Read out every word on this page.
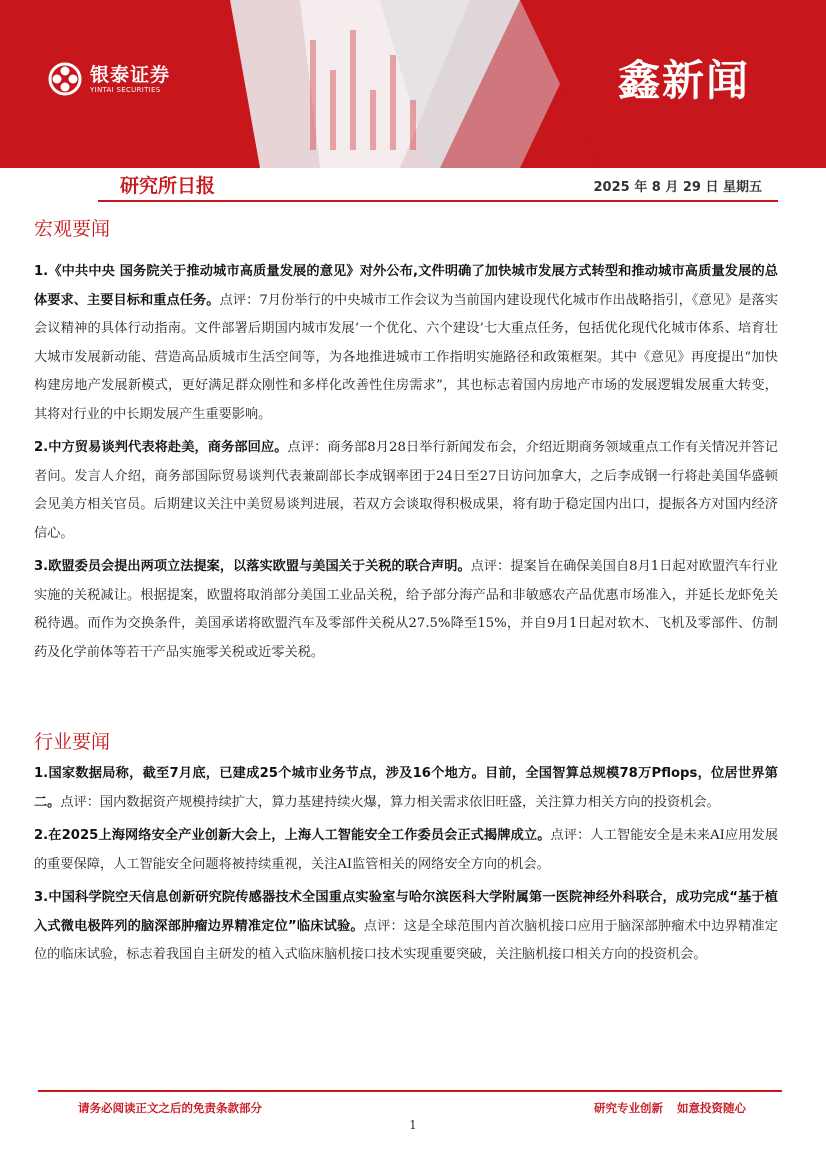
银泰证券
YINTAI SECURITIES	鑫新闻
研究所日报	2025 年 8 月 29 日 星期五
宏观要闻

1.《中共中央 国务院关于推动城市高质量发展的意见》对外公布,文件明确了加快城市发展方式转型和推动城市高质量发展的总体要求、主要目标和重点任务。点评：7月份举行的中央城市工作会议为当前国内建设现代化城市作出战略指引，《意见》是落实会议精神的具体行动指南。文件部署后期国内城市发展‘一个优化、六个建设’七大重点任务，包括优化现代化城市体系、培育壮大城市发展新动能、营造高品质城市生活空间等，为各地推进城市工作指明实施路径和政策框架。其中《意见》再度提出“加快构建房地产发展新模式，更好满足群众刚性和多样化改善性住房需求”，其也标志着国内房地产市场的发展逻辑发展重大转变，其将对行业的中长期发展产生重要影响。

2.中方贸易谈判代表将赴美，商务部回应。点评：商务部8月28日举行新闻发布会，介绍近期商务领域重点工作有关情况并答记者问。发言人介绍，商务部国际贸易谈判代表兼副部长李成钢率团于24日至27日访问加拿大，之后李成钢一行将赴美国华盛顿会见美方相关官员。后期建议关注中美贸易谈判进展，若双方会谈取得积极成果，将有助于稳定国内出口，提振各方对国内经济信心。

3.欧盟委员会提出两项立法提案，以落实欧盟与美国关于关税的联合声明。点评：提案旨在确保美国自8月1日起对欧盟汽车行业实施的关税减让。根据提案，欧盟将取消部分美国工业品关税，给予部分海产品和非敏感农产品优惠市场准入，并延长龙虾免关税待遇。而作为交换条件，美国承诺将欧盟汽车及零部件关税从27.5%降至15%，并自9月1日起对软木、飞机及零部件、仿制药及化学前体等若干产品实施零关税或近零关税。

行业要闻

1.国家数据局称，截至7月底，已建成25个城市业务节点，涉及16个地方。目前，全国智算总规模78万Pflops，位居世界第二。点评：国内数据资产规模持续扩大，算力基建持续火爆，算力相关需求依旧旺盛，关注算力相关方向的投资机会。

2.在2025上海网络安全产业创新大会上，上海人工智能安全工作委员会正式揭牌成立。点评：人工智能安全是未来AI应用发展的重要保障，人工智能安全问题将被持续重视，关注AI监管相关的网络安全方向的机会。

3.中国科学院空天信息创新研究院传感器技术全国重点实验室与哈尔滨医科大学附属第一医院神经外科联合，成功完成“基于植入式微电极阵列的脑深部肿瘤边界精准定位”临床试验。点评：这是全球范围内首次脑机接口应用于脑深部肿瘤术中边界精准定位的临床试验，标志着我国自主研发的植入式临床脑机接口技术实现重要突破，关注脑机接口相关方向的投资机会。

请务必阅读正文之后的免责条款部分	研究专业创新 如意投资随心
1
